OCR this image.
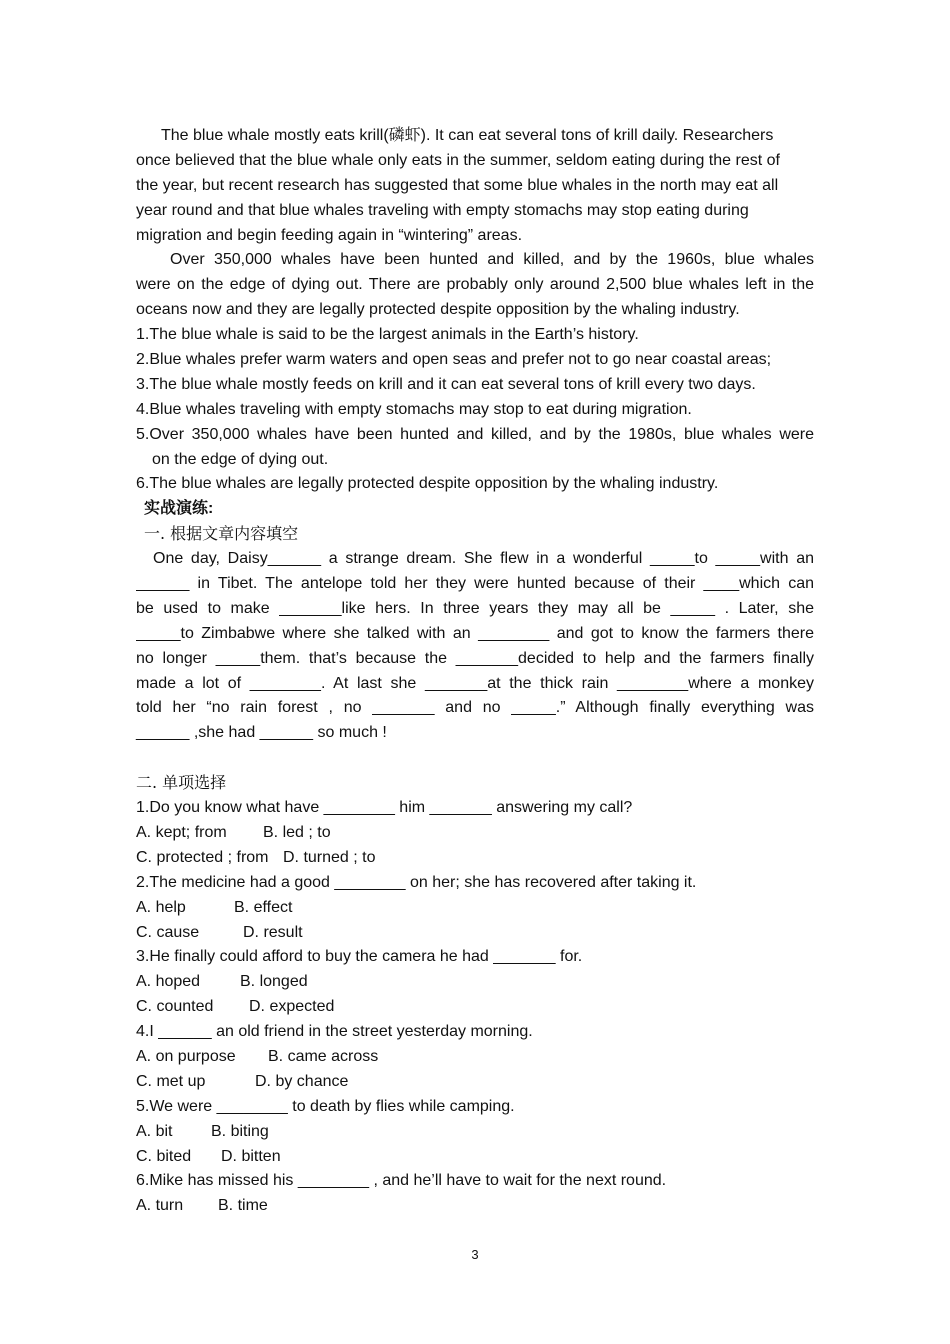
The blue whale mostly eats krill(磷虾). It can eat several tons of krill daily. Researchers
once believed that the blue whale only eats in the summer, seldom eating during the rest of
the year, but recent research has suggested that some blue whales in the north may eat all
year round and that blue whales traveling with empty stomachs may stop eating during
migration and begin feeding again in “wintering” areas.
Over 350,000 whales have been hunted and killed, and by the 1960s, blue whales
were on the edge of dying out. There are probably only around 2,500 blue whales left in the
oceans now and they are legally protected despite opposition by the whaling industry.
1.The blue whale is said to be the largest animals in the Earth’s history.
2.Blue whales prefer warm waters and open seas and prefer not to go near coastal areas;
3.The blue whale mostly feeds on krill and it can eat several tons of krill every two days.
4.Blue whales traveling with empty stomachs may stop to eat during migration.
5.Over 350,000 whales have been hunted and killed, and by the 1980s, blue whales were
on the edge of dying out.
6.The blue whales are legally protected despite opposition by the whaling industry.
实战演练:
一. 根据文章内容填空
One day, Daisy______ a strange dream. She flew in a wonderful _____to _____with an
______ in Tibet. The antelope told her they were hunted because of their ____which can
be used to make _______like hers. In three years they may all be _____ . Later, she
_____to Zimbabwe where she talked with an ________ and got to know the farmers there
no longer _____them. that’s because the _______decided to help and the farmers finally
made a lot of ________. At last she _______at the thick rain ________where a monkey
told her “no rain forest , no _______ and no _____.” Although finally everything was
______ ,she had ______ so much !
二. 单项选择
1.Do you know what have ________ him _______ answering my call?
A. kept; from B. led ; to
C. protected ; from D. turned ; to
2.The medicine had a good ________ on her; she has recovered after taking it.
A. help	B. effect
C. cause	D. result
3.He finally could afford to buy the camera he had _______ for.
A. hoped B. longed
C. counted D. expected
4.I ______ an old friend in the street yesterday morning.
A. on purpose B. came across
C. met up	D. by chance
5.We were ________ to death by flies while camping.
A. bit B. biting
C. bited D. bitten
6.Mike has missed his ________ , and he’ll have to wait for the next round.
A. turn B. time
3
